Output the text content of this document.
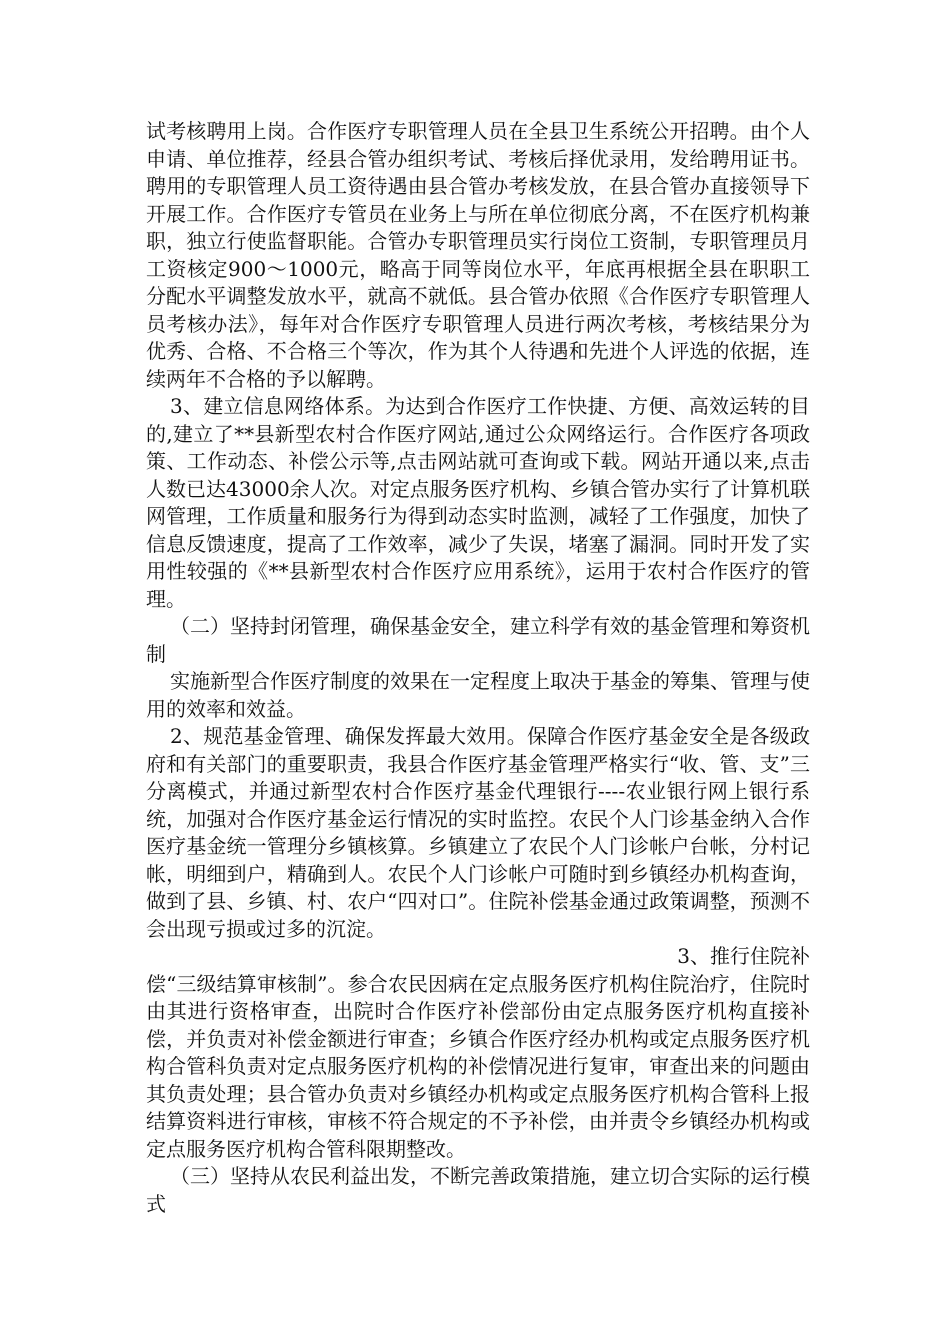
试考核聘用上岗。合作医疗专职管理人员在全县卫生系统公开招聘。由个人申请、单位推荐，经县合管办组织考试、考核后择优录用，发给聘用证书。聘用的专职管理人员工资待遇由县合管办考核发放，在县合管办直接领导下开展工作。合作医疗专管员在业务上与所在单位彻底分离，不在医疗机构兼职，独立行使监督职能。合管办专职管理员实行岗位工资制，专职管理员月工资核定900～1000元，略高于同等岗位水平，年底再根据全县在职职工分配水平调整发放水平，就高不就低。县合管办依照《合作医疗专职管理人员考核办法》，每年对合作医疗专职管理人员进行两次考核，考核结果分为优秀、合格、不合格三个等次，作为其个人待遇和先进个人评选的依据，连续两年不合格的予以解聘。

3、建立信息网络体系。为达到合作医疗工作快捷、方便、高效运转的目的,建立了**县新型农村合作医疗网站,通过公众网络运行。合作医疗各项政策、工作动态、补偿公示等,点击网站就可查询或下载。网站开通以来,点击人数已达43000余人次。对定点服务医疗机构、乡镇合管办实行了计算机联网管理，工作质量和服务行为得到动态实时监测，减轻了工作强度，加快了信息反馈速度，提高了工作效率，减少了失误，堵塞了漏洞。同时开发了实用性较强的《**县新型农村合作医疗应用系统》，运用于农村合作医疗的管理。

（二）坚持封闭管理，确保基金安全，建立科学有效的基金管理和筹资机制

实施新型合作医疗制度的效果在一定程度上取决于基金的筹集、管理与使用的效率和效益。

2、规范基金管理、确保发挥最大效用。保障合作医疗基金安全是各级政府和有关部门的重要职责，我县合作医疗基金管理严格实行“收、管、支”三分离模式，并通过新型农村合作医疗基金代理银行----农业银行网上银行系统，加强对合作医疗基金运行情况的实时监控。农民个人门诊基金纳入合作医疗基金统一管理分乡镇核算。乡镇建立了农民个人门诊帐户台帐，分村记帐，明细到户，精确到人。农民个人门诊帐户可随时到乡镇经办机构查询，做到了县、乡镇、村、农户“四对口”。住院补偿基金通过政策调整，预测不会出现亏损或过多的沉淀。

3、推行住院补
偿“三级结算审核制”。参合农民因病在定点服务医疗机构住院治疗，住院时由其进行资格审查，出院时合作医疗补偿部份由定点服务医疗机构直接补偿，并负责对补偿金额进行审查；乡镇合作医疗经办机构或定点服务医疗机构合管科负责对定点服务医疗机构的补偿情况进行复审，审查出来的问题由其负责处理；县合管办负责对乡镇经办机构或定点服务医疗机构合管科上报结算资料进行审核，审核不符合规定的不予补偿，由并责令乡镇经办机构或定点服务医疗机构合管科限期整改。

（三）坚持从农民利益出发，不断完善政策措施，建立切合实际的运行模式
